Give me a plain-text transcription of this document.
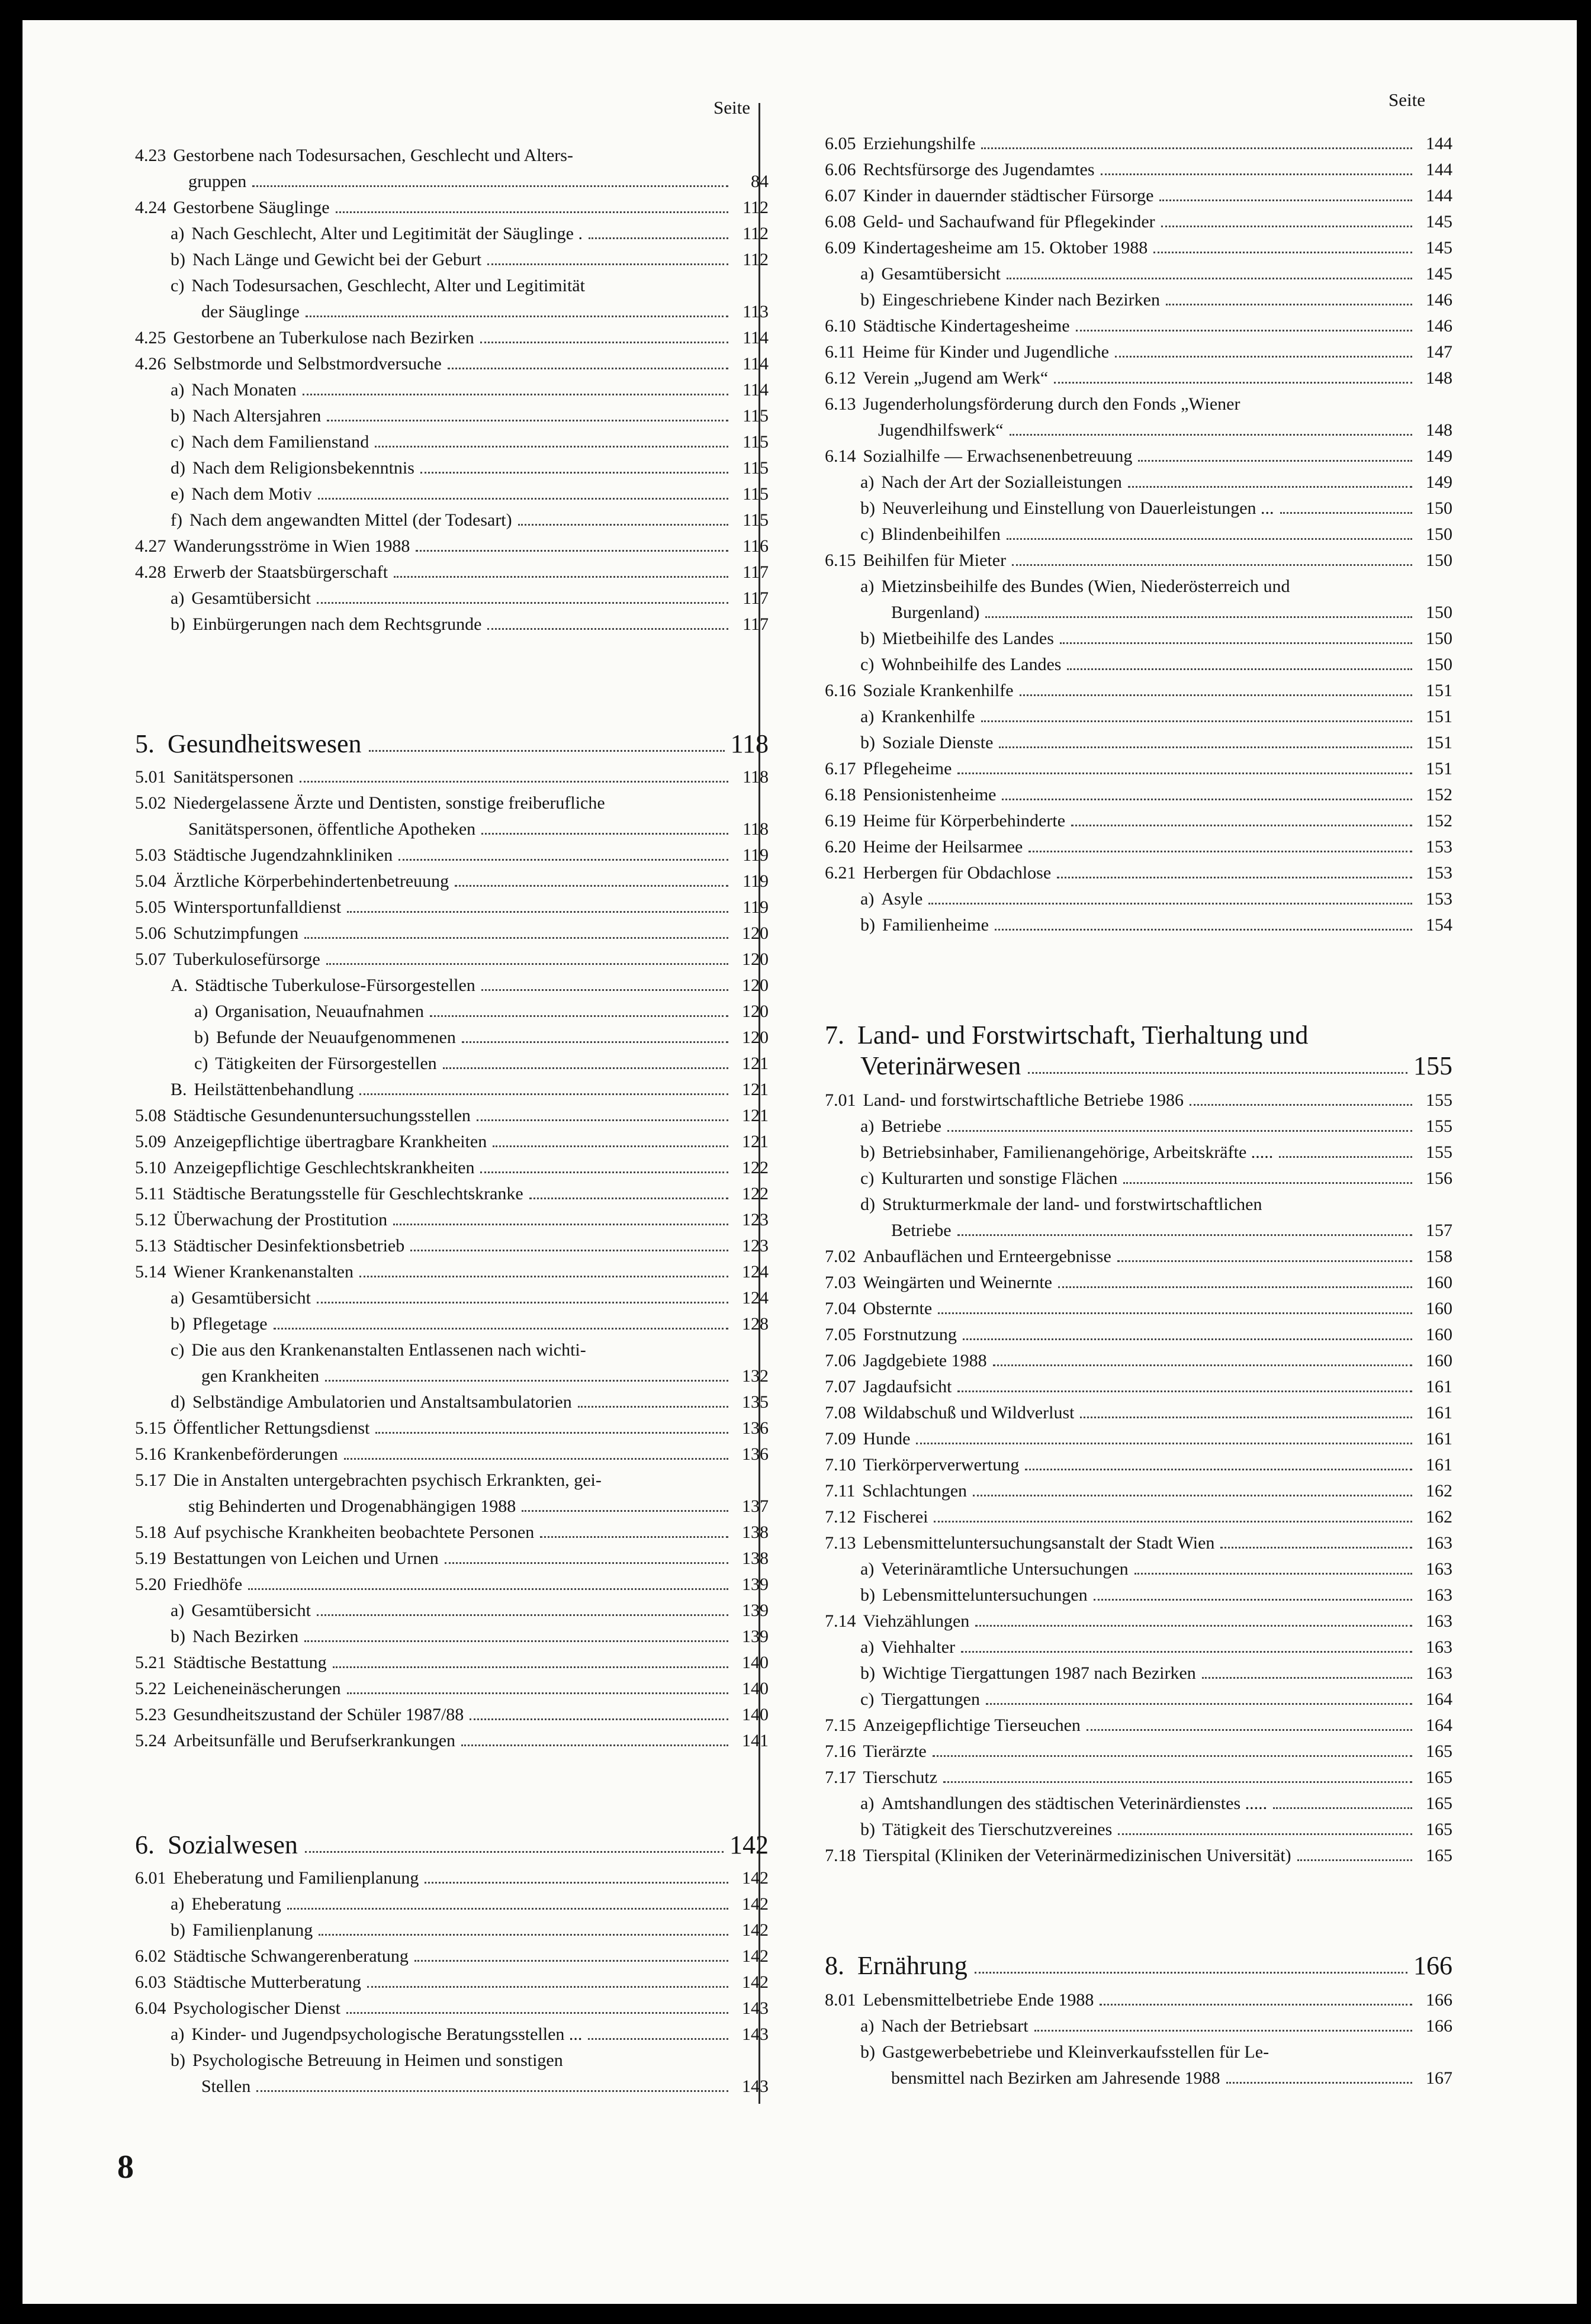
Seite
4.23 Gestorbene nach Todesursachen, Geschlecht und Alters-
gruppen	84
4.24 Gestorbene Säuglinge	112
a) Nach Geschlecht, Alter und Legitimität der Säuglinge .	112
b) Nach Länge und Gewicht bei der Geburt	112
c) Nach Todesursachen, Geschlecht, Alter und Legitimität
der Säuglinge	113
4.25 Gestorbene an Tuberkulose nach Bezirken	114
4.26 Selbstmorde und Selbstmordversuche	114
a) Nach Monaten	114
b) Nach Altersjahren	115
c) Nach dem Familienstand	115
d) Nach dem Religionsbekenntnis	115
e) Nach dem Motiv	115
f) Nach dem angewandten Mittel (der Todesart)	115
4.27 Wanderungsströme in Wien 1988	116
4.28 Erwerb der Staatsbürgerschaft	117
a) Gesamtübersicht	117
b) Einbürgerungen nach dem Rechtsgrunde	117
5. Gesundheitswesen	118
5.01 Sanitätspersonen	118
5.02 Niedergelassene Ärzte und Dentisten, sonstige freiberufliche
Sanitätspersonen, öffentliche Apotheken	118
5.03 Städtische Jugendzahnkliniken	119
5.04 Ärztliche Körperbehindertenbetreuung	119
5.05 Wintersportunfalldienst	119
5.06 Schutzimpfungen	120
5.07 Tuberkulosefürsorge	120
A. Städtische Tuberkulose-Fürsorgestellen	120
a) Organisation, Neuaufnahmen	120
b) Befunde der Neuaufgenommenen	120
c) Tätigkeiten der Fürsorgestellen	121
B. Heilstättenbehandlung	121
5.08 Städtische Gesundenuntersuchungsstellen	121
5.09 Anzeigepflichtige übertragbare Krankheiten	121
5.10 Anzeigepflichtige Geschlechtskrankheiten	122
5.11 Städtische Beratungsstelle für Geschlechtskranke	122
5.12 Überwachung der Prostitution	123
5.13 Städtischer Desinfektionsbetrieb	123
5.14 Wiener Krankenanstalten	124
a) Gesamtübersicht	124
b) Pflegetage	128
c) Die aus den Krankenanstalten Entlassenen nach wichti-
gen Krankheiten	132
d) Selbständige Ambulatorien und Anstaltsambulatorien	135
5.15 Öffentlicher Rettungsdienst	136
5.16 Krankenbeförderungen	136
5.17 Die in Anstalten untergebrachten psychisch Erkrankten, gei-
stig Behinderten und Drogenabhängigen 1988	137
5.18 Auf psychische Krankheiten beobachtete Personen	138
5.19 Bestattungen von Leichen und Urnen	138
5.20 Friedhöfe	139
a) Gesamtübersicht	139
b) Nach Bezirken	139
5.21 Städtische Bestattung	140
5.22 Leicheneinäscherungen	140
5.23 Gesundheitszustand der Schüler 1987/88	140
5.24 Arbeitsunfälle und Berufserkrankungen	141
6. Sozialwesen	142
6.01 Eheberatung und Familienplanung	142
a) Eheberatung	142
b) Familienplanung	142
6.02 Städtische Schwangerenberatung	142
6.03 Städtische Mutterberatung	142
6.04 Psychologischer Dienst	143
a) Kinder- und Jugendpsychologische Beratungsstellen ...	143
b) Psychologische Betreuung in Heimen und sonstigen
Stellen	143
Seite
6.05 Erziehungshilfe	144
6.06 Rechtsfürsorge des Jugendamtes	144
6.07 Kinder in dauernder städtischer Fürsorge	144
6.08 Geld- und Sachaufwand für Pflegekinder	145
6.09 Kindertagesheime am 15. Oktober 1988	145
a) Gesamtübersicht	145
b) Eingeschriebene Kinder nach Bezirken	146
6.10 Städtische Kindertagesheime	146
6.11 Heime für Kinder und Jugendliche	147
6.12 Verein „Jugend am Werk“	148
6.13 Jugenderholungsförderung durch den Fonds „Wiener
Jugendhilfswerk“	148
6.14 Sozialhilfe — Erwachsenenbetreuung	149
a) Nach der Art der Sozialleistungen	149
b) Neuverleihung und Einstellung von Dauerleistungen ...	150
c) Blindenbeihilfen	150
6.15 Beihilfen für Mieter	150
a) Mietzinsbeihilfe des Bundes (Wien, Niederösterreich und
Burgenland)	150
b) Mietbeihilfe des Landes	150
c) Wohnbeihilfe des Landes	150
6.16 Soziale Krankenhilfe	151
a) Krankenhilfe	151
b) Soziale Dienste	151
6.17 Pflegeheime	151
6.18 Pensionistenheime	152
6.19 Heime für Körperbehinderte	152
6.20 Heime der Heilsarmee	153
6.21 Herbergen für Obdachlose	153
a) Asyle	153
b) Familienheime	154
7. Land- und Forstwirtschaft, Tierhaltung und
Veterinärwesen	155
7.01 Land- und forstwirtschaftliche Betriebe 1986	155
a) Betriebe	155
b) Betriebsinhaber, Familienangehörige, Arbeitskräfte .....	155
c) Kulturarten und sonstige Flächen	156
d) Strukturmerkmale der land- und forstwirtschaftlichen
Betriebe	157
7.02 Anbauflächen und Ernteergebnisse	158
7.03 Weingärten und Weinernte	160
7.04 Obsternte	160
7.05 Forstnutzung	160
7.06 Jagdgebiete 1988	160
7.07 Jagdaufsicht	161
7.08 Wildabschuß und Wildverlust	161
7.09 Hunde	161
7.10 Tierkörperverwertung	161
7.11 Schlachtungen	162
7.12 Fischerei	162
7.13 Lebensmitteluntersuchungsanstalt der Stadt Wien	163
a) Veterinäramtliche Untersuchungen	163
b) Lebensmitteluntersuchungen	163
7.14 Viehzählungen	163
a) Viehhalter	163
b) Wichtige Tiergattungen 1987 nach Bezirken	163
c) Tiergattungen	164
7.15 Anzeigepflichtige Tierseuchen	164
7.16 Tierärzte	165
7.17 Tierschutz	165
a) Amtshandlungen des städtischen Veterinärdienstes .....	165
b) Tätigkeit des Tierschutzvereines	165
7.18 Tierspital (Kliniken der Veterinärmedizinischen Universität)	165
8. Ernährung	166
8.01 Lebensmittelbetriebe Ende 1988	166
a) Nach der Betriebsart	166
b) Gastgewerbebetriebe und Kleinverkaufsstellen für Le-
bensmittel nach Bezirken am Jahresende 1988	167
8
